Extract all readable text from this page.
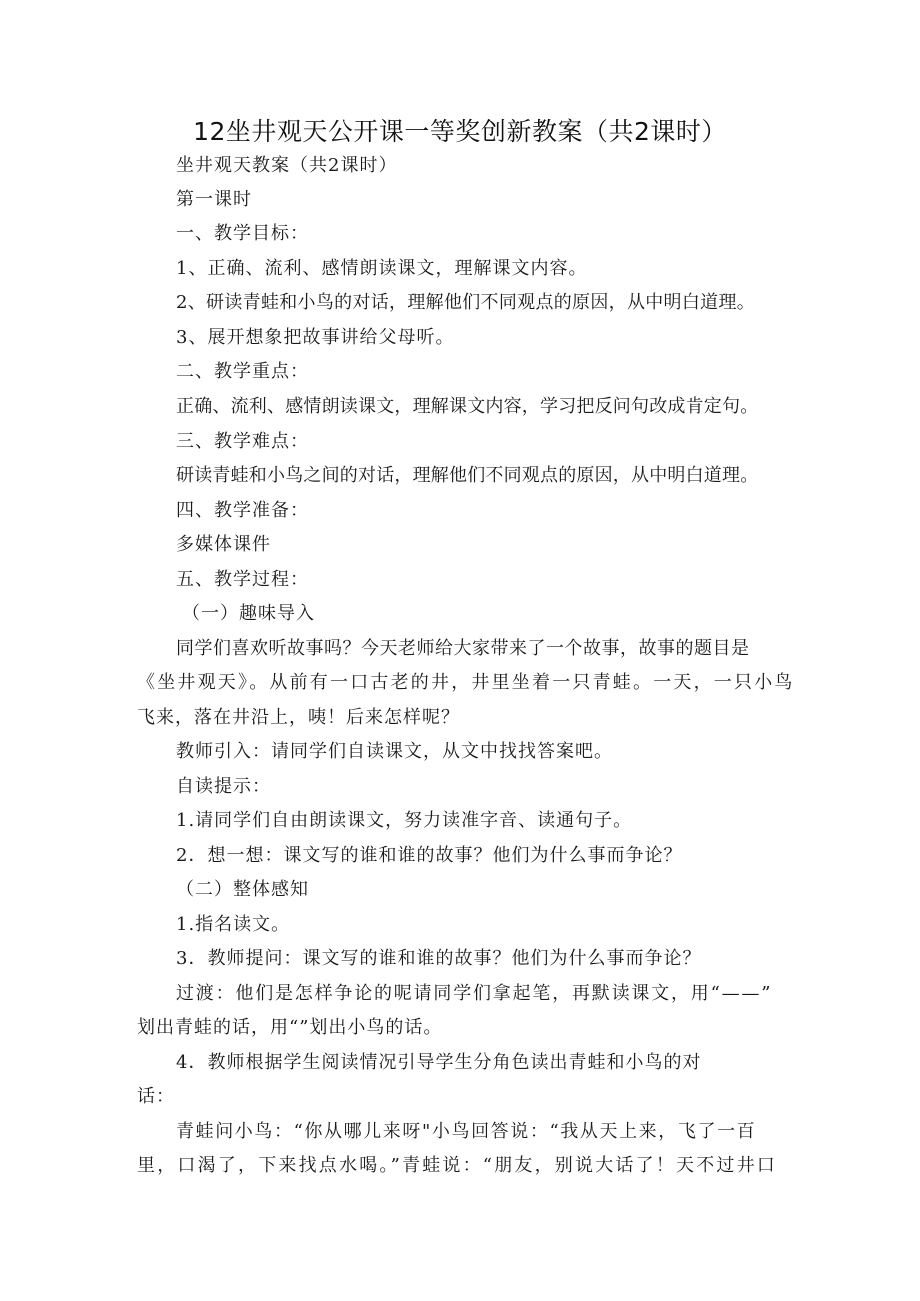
12坐井观天公开课一等奖创新教案（共2课时）
坐井观天教案（共2课时）
第一课时
一、教学目标：
1、正确、流利、感情朗读课文，理解课文内容。
2、研读青蛙和小鸟的对话，理解他们不同观点的原因，从中明白道理。
3、展开想象把故事讲给父母听。
二、教学重点：
正确、流利、感情朗读课文，理解课文内容，学习把反问句改成肯定句。
三、教学难点：
研读青蛙和小鸟之间的对话，理解他们不同观点的原因，从中明白道理。
四、教学准备：
多媒体课件
五、教学过程：
（一）趣味导入
同学们喜欢听故事吗？今天老师给大家带来了一个故事，故事的题目是
《坐井观天》。从前有一口古老的井，井里坐着一只青蛙。一天，一只小鸟
飞来，落在井沿上，咦！后来怎样呢？
教师引入：请同学们自读课文，从文中找找答案吧。
自读提示：
1.请同学们自由朗读课文，努力读准字音、读通句子。
2．想一想：课文写的谁和谁的故事？他们为什么事而争论？
（二）整体感知
1.指名读文。
3．教师提问：课文写的谁和谁的故事？他们为什么事而争论？
过渡：他们是怎样争论的呢请同学们拿起笔，再默读课文，用“——”
划出青蛙的话，用“”划出小鸟的话。
4．教师根据学生阅读情况引导学生分角色读出青蛙和小鸟的对
话：
青蛙问小鸟：“你从哪儿来呀"小鸟回答说：“我从天上来，飞了一百
里，口渴了，下来找点水喝。”青蛙说：“朋友，别说大话了！天不过井口
